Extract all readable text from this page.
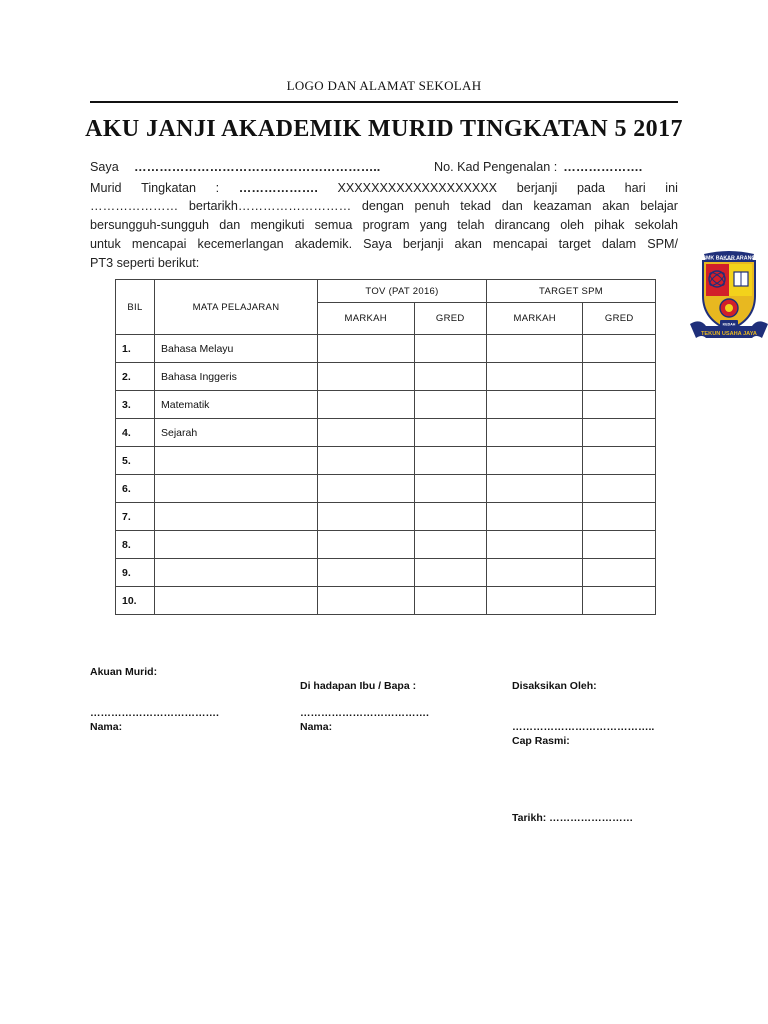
LOGO DAN ALAMAT SEKOLAH
AKU JANJI AKADEMIK MURID TINGKATAN 5 2017
Saya	…………………………………………………..	No. Kad Pengenalan : ……………….
Murid Tingkatan : ………………. XXXXXXXXXXXXXXXXXXX berjanji pada hari ini
………………… bertarikh……………………… dengan penuh tekad dan keazaman akan belajar
bersungguh-sungguh dan mengikuti semua program yang telah dirancang oleh pihak sekolah
untuk mencapai kecemerlangan akademik. Saya berjanji akan mencapai target dalam SPM/
PT3 seperti berikut:
BIL	MATA PELAJARAN	TOV (PAT 2016)		TARGET SPM	
		MARKAH	GRED	MARKAH	GRED
1.	Bahasa Melayu				
2.	Bahasa Inggeris				
3.	Matematik				
4.	Sejarah				
5.					
6.					
7.					
8.					
9.					
10.					
SMK BAKAR ARANG
KEDAH
TEKUN USAHA JAYA
Akuan Murid:
……………………………….
Nama:
Di hadapan Ibu / Bapa :
……………………………….
Nama:
Disaksikan Oleh:
…………………………………..
Cap Rasmi:
Tarikh: ……………………
